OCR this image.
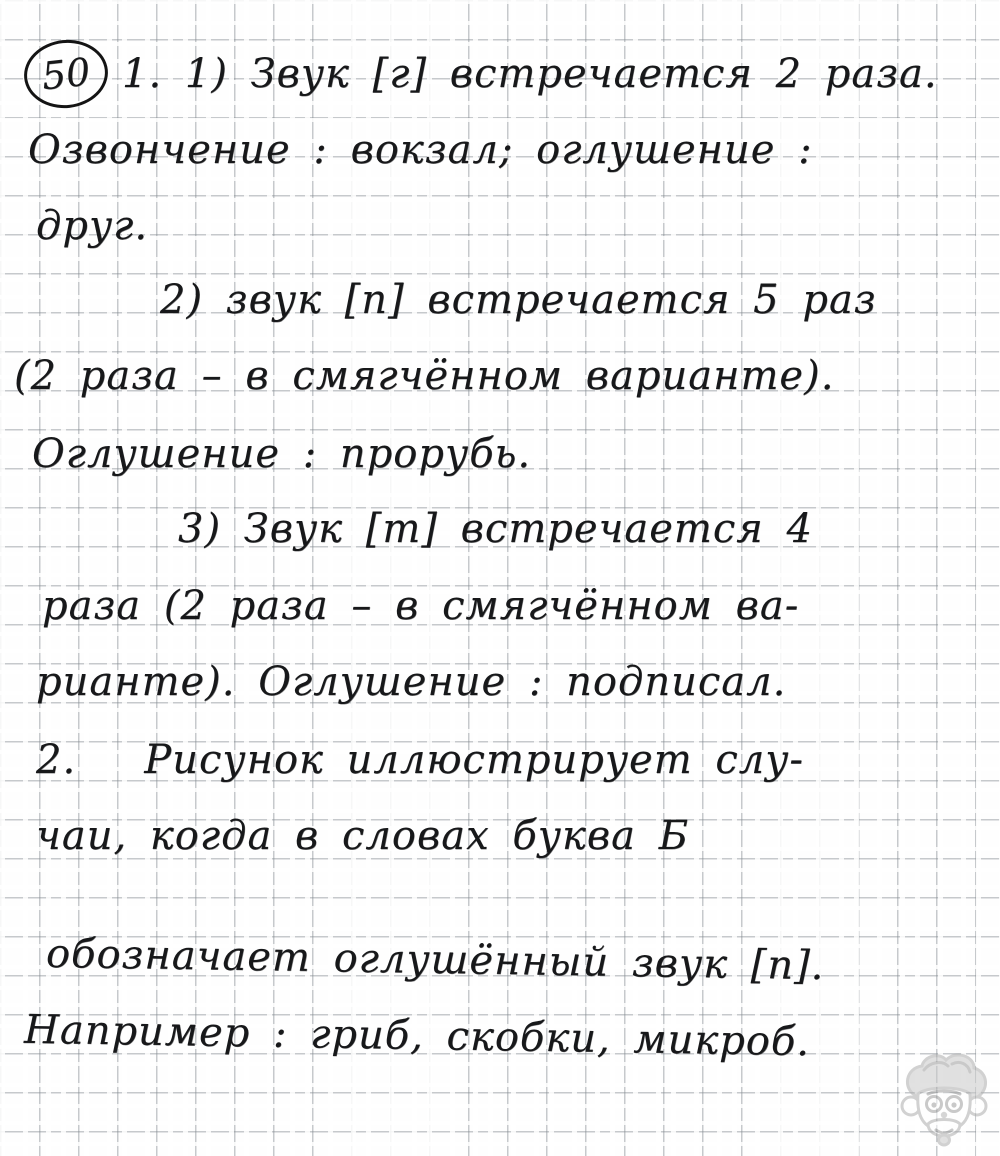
50 1. 1) Звук [г] встречается 2 раза.
Озвончение : вокзал; оглушение :
друг.
2) звук [п] встречается 5 раз
(2 раза – в смягчённом варианте).
Оглушение : прорубь.
3) Звук [т] встречается 4
раза (2 раза – в смягчённом ва-
рианте). Оглушение : подписал.
2.   Рисунок иллюстрирует слу-
чаи, когда в словах буква Б
обозначает оглушённый звук [п].
Например : гриб, скобки, микроб.
